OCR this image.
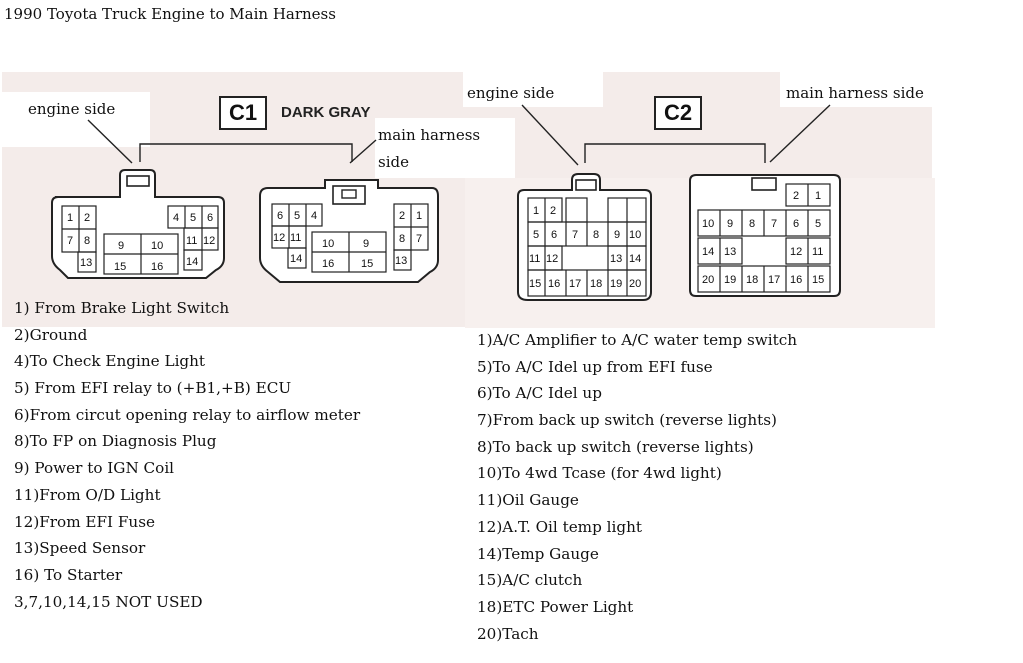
1990 Toyota Truck Engine to Main Harness
1 2	4 5 6
7 8	9 10 11 12
13 15 16 14
6 5 4	2 1
12 11 10	9	8 7
14 16 15 13
1 2
5 6 7 8 9 10
11 12	13 14
15 16 17 18 19 20
2 1
10 9 8 7 6 5
14 13	12 11
20 19 18 17 16 15
engine side	C1	DARK GRAY
main harness
side
engine side
C2
main harness side
1) From Brake Light Switch
2)Ground
4)To Check Engine Light
5) From EFI relay to (+B1,+B) ECU
6)From circut opening relay to airflow meter
8)To FP on Diagnosis Plug
9) Power to IGN Coil
11)From O/D Light
12)From EFI Fuse
13)Speed Sensor
16) To Starter
3,7,10,14,15 NOT USED
1)A/C Amplifier to A/C water temp switch
5)To A/C Idel up from EFI fuse
6)To A/C Idel up
7)From back up switch (reverse lights)
8)To back up switch (reverse lights)
10)To 4wd Tcase (for 4wd light)
11)Oil Gauge
12)A.T. Oil temp light
14)Temp Gauge
15)A/C clutch
18)ETC Power Light
20)Tach
